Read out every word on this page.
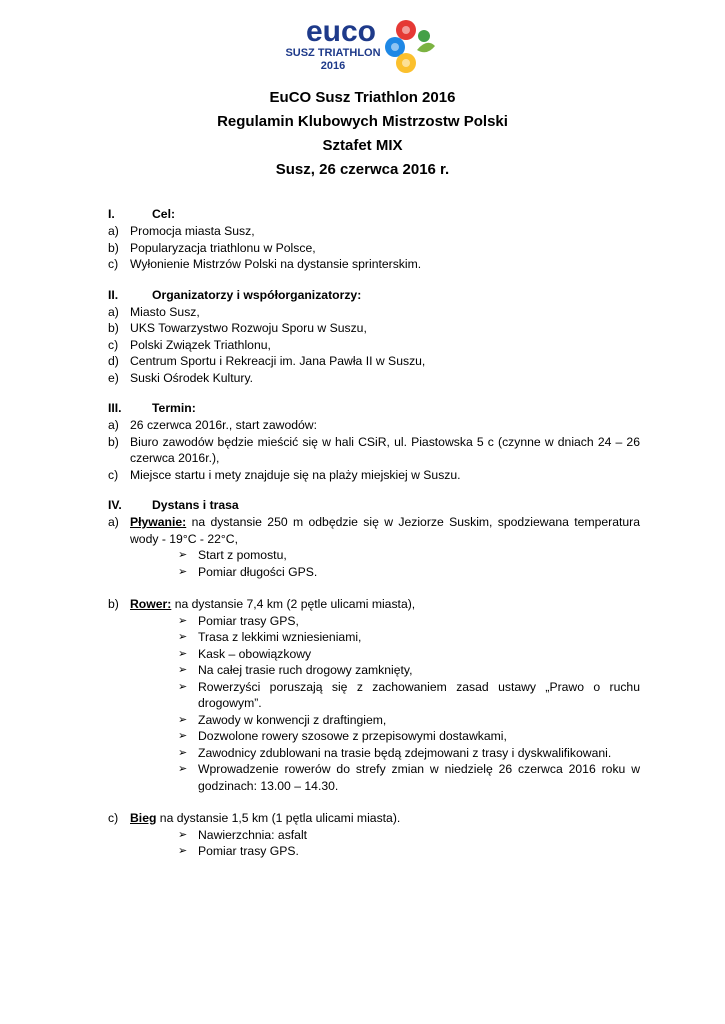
euco
SUSZ TRIATHLON
2016
EuCO Susz Triathlon 2016
Regulamin Klubowych Mistrzostw Polski
Sztafet MIX
Susz, 26 czerwca 2016 r.
I.	Cel:
a) Promocja miasta Susz,
b) Popularyzacja triathlonu w Polsce,
c) Wyłonienie Mistrzów Polski na dystansie sprinterskim.
II.	Organizatorzy i współorganizatorzy:
a) Miasto Susz,
b) UKS Towarzystwo Rozwoju Sporu w Suszu,
c) Polski Związek Triathlonu,
d) Centrum Sportu i Rekreacji im. Jana Pawła II w Suszu,
e) Suski Ośrodek Kultury.
III. Termin:
a) 26 czerwca 2016r., start zawodów:
b) Biuro zawodów będzie mieścić się w hali CSiR, ul. Piastowska 5 c (czynne w dniach 24 – 26 czerwca 2016r.),
c) Miejsce startu i mety znajduje się na plaży miejskiej w Suszu.
IV. Dystans i trasa
a) Pływanie: na dystansie 250 m odbędzie się w Jeziorze Suskim, spodziewana temperatura wody - 19°C - 22°C,
➢ Start z pomostu,
➢ Pomiar długości GPS.
b) Rower: na dystansie 7,4 km (2 pętle ulicami miasta),
➢ Pomiar trasy GPS,
➢ Trasa z lekkimi wzniesieniami,
➢ Kask – obowiązkowy
➢ Na całej trasie ruch drogowy zamknięty,
➢ Rowerzyści poruszają się z zachowaniem zasad ustawy „Prawo o ruchu drogowym”.
➢ Zawody w konwencji z draftingiem,
➢ Dozwolone rowery szosowe z przepisowymi dostawkami,
➢ Zawodnicy zdublowani na trasie będą zdejmowani z trasy i dyskwalifikowani.
➢ Wprowadzenie rowerów do strefy zmian w niedzielę 26 czerwca 2016 roku w godzinach: 13.00 – 14.30.
c) Bieg na dystansie 1,5 km (1 pętla ulicami miasta).
➢ Nawierzchnia: asfalt
➢ Pomiar trasy GPS.
